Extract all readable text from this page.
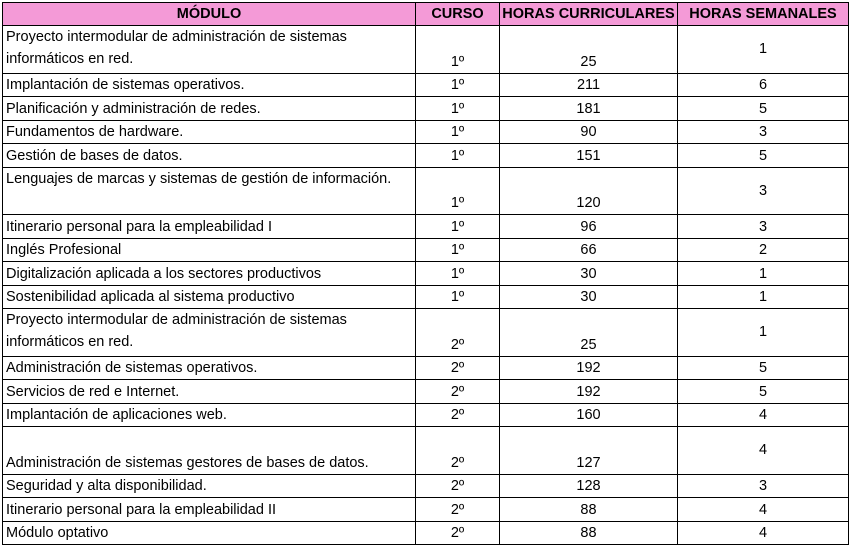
MÓDULO	CURSO	HORAS CURRICULARES	HORAS SEMANALES
Proyecto intermodular de administración de sistemas informáticos en red.	1º	25	1
Implantación de sistemas operativos.	1º	211	6
Planificación y administración de redes.	1º	181	5
Fundamentos de hardware.	1º	90	3
Gestión de bases de datos.	1º	151	5
Lenguajes de marcas y sistemas de gestión de información.	1º	120	3
Itinerario personal para la empleabilidad I	1º	96	3
Inglés Profesional	1º	66	2
Digitalización aplicada a los sectores productivos	1º	30	1
Sostenibilidad aplicada al sistema productivo	1º	30	1
Proyecto intermodular de administración de sistemas informáticos en red.	2º	25	1
Administración de sistemas operativos.	2º	192	5
Servicios de red e Internet.	2º	192	5
Implantación de aplicaciones web.	2º	160	4
Administración de sistemas gestores de bases de datos.	2º	127	4
Seguridad y alta disponibilidad.	2º	128	3
Itinerario personal para la empleabilidad II	2º	88	4
Módulo optativo	2º	88	4
